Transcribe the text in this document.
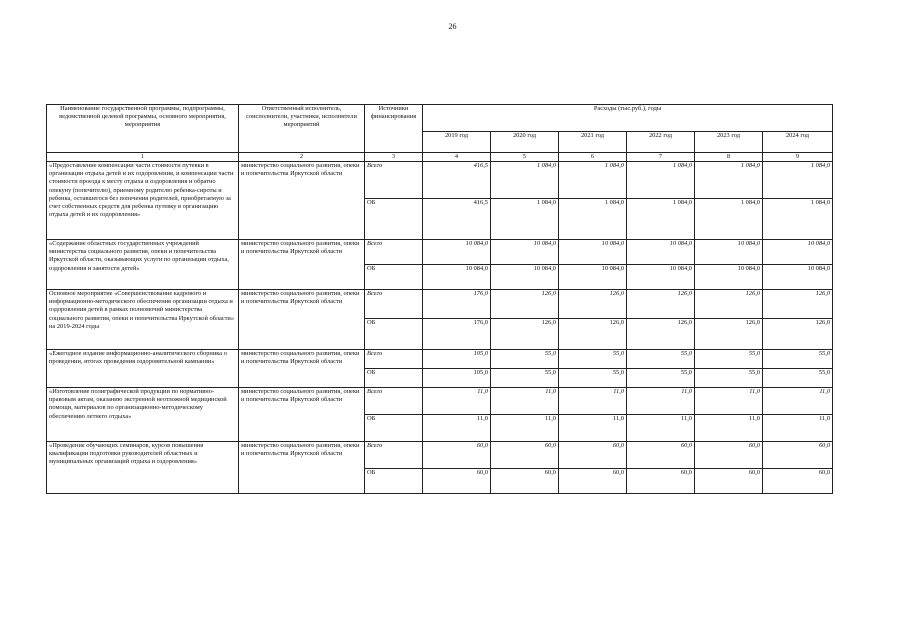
26
Наименование государственной программы, подпрограммы, ведомственной целевой программы, основного мероприятия, мероприятия	Ответственный исполнитель, соисполнители, участники, исполнители мероприятий	Источники финансирования	Расходы (тыс.руб.), годы					
			2019 год	2020 год	2021 год	2022 год	2023 год	2024 год
1	2	3	4	5	6	7	8	9
«Предоставление компенсации части стоимости путевки в организации отдыха детей и их оздоровления, и компенсации части стоимости проезда к месту отдыха и оздоровления и обратно опекуну (попечителю), приемному родителю ребенка-сироты и ребенка, оставшегося без попечения родителей, приобретаемую за счет собственных средств для ребенка путевку в организацию отдыха детей и их оздоровления»	министерство социального развития, опеки и попечительства Иркутской области	Всего	416,5	1 084,0	1 084,0	1 084,0	1 084,0	1 084,0
		ОБ	416,5	1 084,0	1 084,0	1 084,0	1 084,0	1 084,0
«Содержание областных государственных учреждений министерства социального развития, опеки и попечительства Иркутской области, оказывающих услуги по организации отдыха, оздоровления и занятости детей»	министерство социального развития, опеки и попечительства Иркутской области	Всего	10 084,0	10 084,0	10 084,0	10 084,0	10 084,0	10 084,0
		ОБ	10 084,0	10 084,0	10 084,0	10 084,0	10 084,0	10 084,0
Основное мероприятие «Совершенствование кадрового и информационно-методического обеспечения организации отдыха и оздоровления детей в рамках полномочий министерства социального развития, опеки и попечительства Иркутской области» на 2019-2024 годы	министерство социального развития, опеки и попечительства Иркутской области	Всего	176,0	126,0	126,0	126,0	126,0	126,0
		ОБ	176,0	126,0	126,0	126,0	126,0	126,0
«Ежегодное издание информационно-аналитического сборника о проведении, итогах проведения оздоровительной кампании»	министерство социального развития, опеки и попечительства Иркутской области	Всего	105,0	55,0	55,0	55,0	55,0	55,0
		ОБ	105,0	55,0	55,0	55,0	55,0	55,0
«Изготовление полиграфической продукции по нормативно-правовым актам, оказанию экстренной неотложной медицинской помощи, материалов по организационно-методическому обеспечению летнего отдыха»	министерство социального развития, опеки и попечительства Иркутской области	Всего	11,0	11,0	11,0	11,0	11,0	11,0
		ОБ	11,0	11,0	11,0	11,0	11,0	11,0
«Проведение обучающих семинаров, курсов повышения квалификации подготовки руководителей областных и муниципальных организаций отдыха и оздоровления»	министерство социального развития, опеки и попечительства Иркутской области	Всего	60,0	60,0	60,0	60,0	60,0	60,0
		ОБ	60,0	60,0	60,0	60,0	60,0	60,0
